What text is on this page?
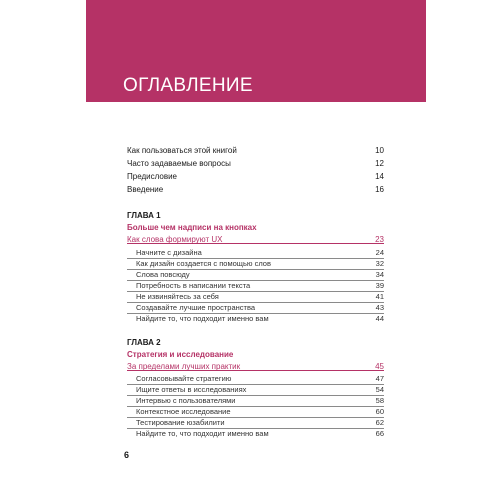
ОГЛАВЛЕНИЕ
Как пользоваться этой книгой	10
Часто задаваемые вопросы	12
Предисловие	14
Введение	16
ГЛАВА 1
Больше чем надписи на кнопках
Как слова формируют UX	23
Начните с дизайна	24
Как дизайн создается с помощью слов	32
Слова повсюду	34
Потребность в написании текста	39
Не извиняйтесь за себя	41
Создавайте лучшие пространства	43
Найдите то, что подходит именно вам	44
ГЛАВА 2
Стратегия и исследование
За пределами лучших практик	45
Согласовывайте стратегию	47
Ищите ответы в исследованиях	54
Интервью с пользователями	58
Контекстное исследование	60
Тестирование юзабилити	62
Найдите то, что подходит именно вам	66
6
